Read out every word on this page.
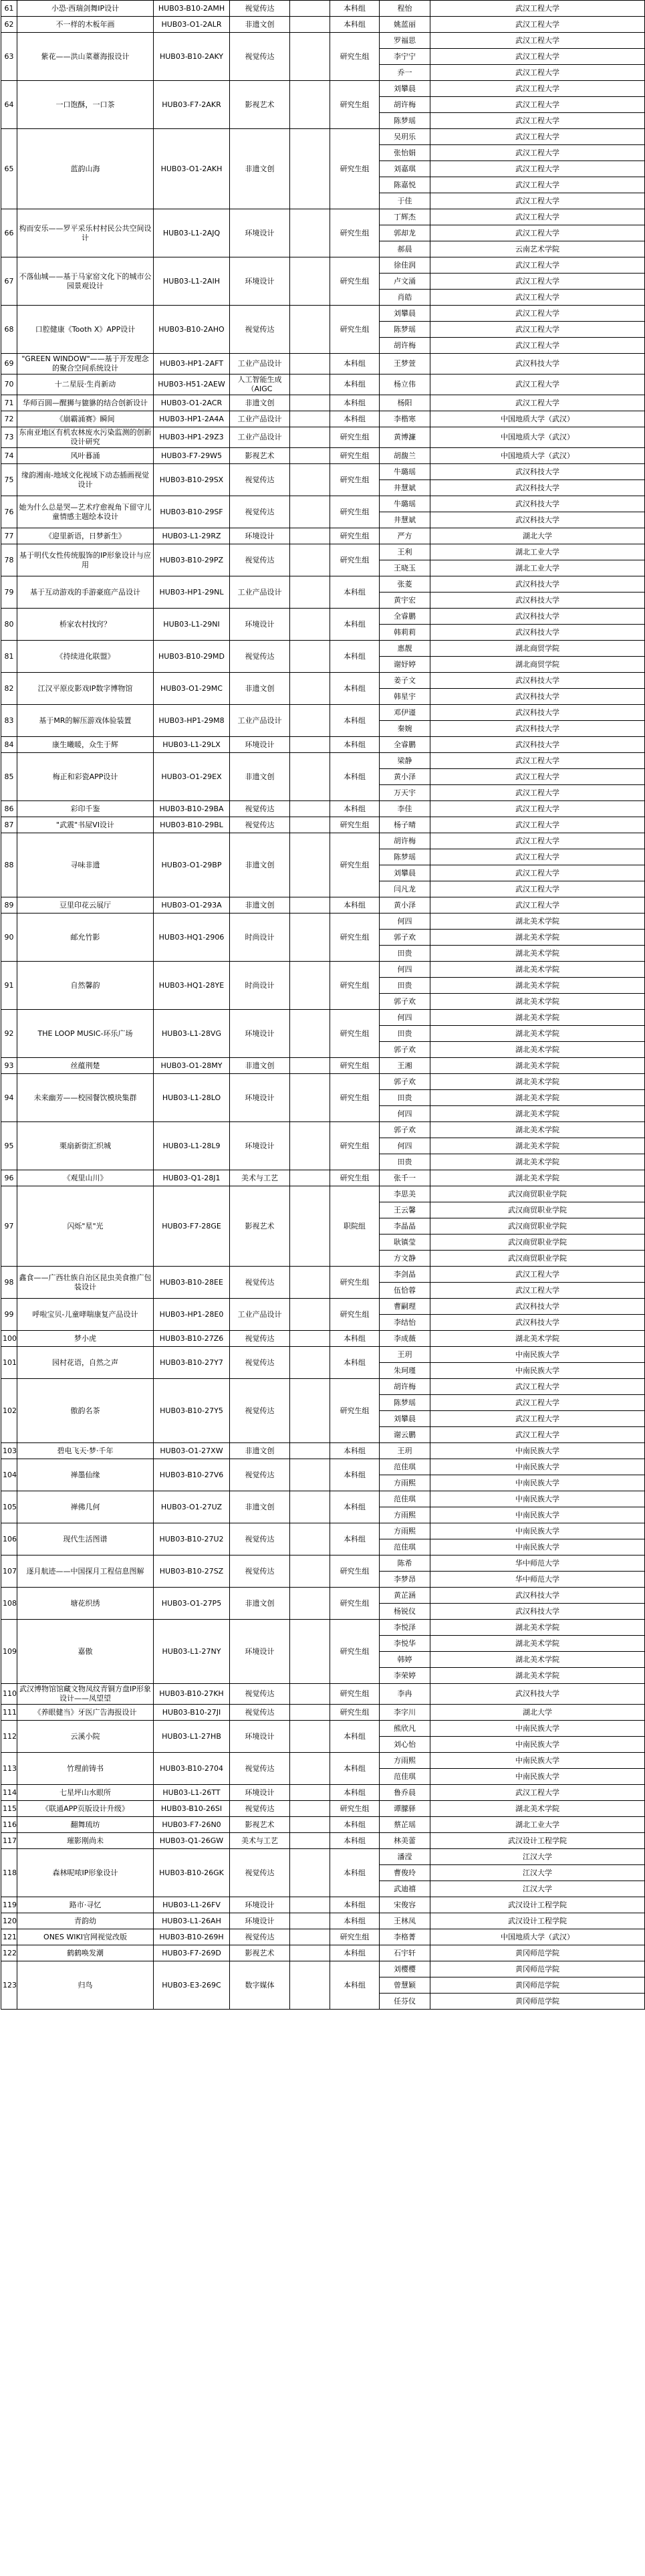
61	小恐·西瑞剑舞IP设计	HUB03-B10-2AMH	视觉传达		本科组	程怡	武汉工程大学
62	不一样的木板年画	HUB03-O1-2ALR	非遗文创		本科组	姚蓝丽	武汉工程大学
63	紫花——洪山菜薹海报设计	HUB03-B10-2AKY	视觉传达		研究生组	罗福思	武汉工程大学
						李宁宁	武汉工程大学
						乔一	武汉工程大学
64	一口饱酥，一口茶	HUB03-F7-2AKR	影视艺术		研究生组	刘攀晨	武汉工程大学
						胡许梅	武汉工程大学
						陈梦瑶	武汉工程大学
65	蓝韵山海	HUB03-O1-2AKH	非遗文创		研究生组	吴玥乐	武汉工程大学
						张怡娟	武汉工程大学
						刘嘉琪	武汉工程大学
						陈嘉悦	武汉工程大学
						于佳	武汉工程大学
66	构而安乐——罗平采乐村村民公共空间设计	HUB03-L1-2AJQ	环境设计		研究生组	丁辉杰	武汉工程大学
						郭却龙	武汉工程大学
						郝晨	云南艺术学院
67	不落仙城——基于马家窑文化下的城市公园景观设计	HUB03-L1-2AIH	环境设计		研究生组	徐佳润	武汉工程大学
						卢文涌	武汉工程大学
						肖皓	武汉工程大学
68	口腔健康《Tooth X》APP设计	HUB03-B10-2AHO	视觉传达		研究生组	刘攀晨	武汉工程大学
						陈梦瑶	武汉工程大学
						胡许梅	武汉工程大学
69	"GREEN WINDOW"——基于开发理念的聚合空间系统设计	HUB03-HP1-2AFT	工业产品设计		本科组	王梦萱	武汉科技大学
70	十二星辰·生肖新动	HUB03-H51-2AEW	人工智能生成（AIGC		本科组	杨立伟	武汉工程大学
71	华师百圆—醒狮与貔貅的结合创新设计	HUB03-O1-2ACR	非遗文创		本科组	杨阳	武汉工程大学
72	《崩霸涌赛》瞬间	HUB03-HP1-2A4A	工业产品设计		本科组	李楷寒	中国地质大学（武汉）
73	东南亚地区有机农林废水污染监测的创新设计研究	HUB03-HP1-29Z3	工业产品设计		研究生组	黄博濂	中国地质大学（武汉）
74	风叶暮涌	HUB03-F7-29W5	影视艺术		研究生组	胡馥兰	中国地质大学（武汉）
75	缘韵湘南-地域文化视域下动态插画视觉设计	HUB03-B10-29SX	视觉传达		研究生组	牛璐瑶	武汉科技大学
						井慧斌	武汉科技大学
76	她为什么总是哭—艺术疗愈视角下留守儿童情感主题绘本设计	HUB03-B10-29SF	视觉传达		研究生组	牛璐瑶	武汉科技大学
						井慧斌	武汉科技大学
77	《迎里新语，日梦新生》	HUB03-L1-29RZ	环境设计		研究生组	严方	湖北大学
78	基于明代女性传统服饰的IP形象设计与应用	HUB03-B10-29PZ	视觉传达		研究生组	王利	湖北工业大学
						王晓玉	湖北工业大学
79	基于互动游戏的手游豪庭产品设计	HUB03-HP1-29NL	工业产品设计		本科组	张菱	武汉科技大学
						黄宇宏	武汉科技大学
80	桥家农村找窍？	HUB03-L1-29NI	环境设计		本科组	全睿鹏	武汉科技大学
						韩莉莉	武汉科技大学
81	《持续进化联盟》	HUB03-B10-29MD	视觉传达		本科组	惠靓	湖北商贸学院
						谢妤婷	湖北商贸学院
82	江汉平原皮影戏IP数字博物馆	HUB03-O1-29MC	非遗文创		本科组	姜子文	武汉科技大学
						韩星宇	武汉科技大学
83	基于MR的解压游戏体验装置	HUB03-HP1-29M8	工业产品设计		本科组	邓伊谨	武汉科技大学
						秦婉	武汉科技大学
84	康生曦暖，众生于辉	HUB03-L1-29LX	环境设计		本科组	全睿鹏	武汉科技大学
85	梅正和彩瓷APP设计	HUB03-O1-29EX	非遗文创		本科组	梁静	武汉工程大学
						黄小泽	武汉工程大学
						万天宇	武汉工程大学
86	彩印千鉴	HUB03-B10-29BA	视觉传达		本科组	李佳	武汉工程大学
87	"武震"书屋VI设计	HUB03-B10-29BL	视觉传达		研究生组	杨子晴	武汉工程大学
88	寻味非遗	HUB03-O1-29BP	非遗文创		研究生组	胡许梅	武汉工程大学
						陈梦瑶	武汉工程大学
						刘攀晨	武汉工程大学
						闫凡龙	武汉工程大学
89	豆里印花云展厅	HUB03-O1-293A	非遗文创		本科组	黄小泽	武汉工程大学
90	邮允竹影	HUB03-HQ1-2906	时尚设计		研究生组	何四	湖北美术学院
						郭子欢	湖北美术学院
						田贵	湖北美术学院
91	自然馨韵	HUB03-HQ1-28YE	时尚设计		研究生组	何四	湖北美术学院
						田贵	湖北美术学院
						郭子欢	湖北美术学院
92	THE LOOP MUSIC-环乐广场	HUB03-L1-28VG	环境设计		研究生组	何四	湖北美术学院
						田贵	湖北美术学院
						郭子欢	湖北美术学院
93	丝蕴荆楚	HUB03-O1-28MY	非遗文创		研究生组	王湘	湖北美术学院
94	未来幽芳——校园餐饮模块集群	HUB03-L1-28LO	环境设计		研究生组	郭子欢	湖北美术学院
						田贵	湖北美术学院
						何四	湖北美术学院
95	栗扇新街汇织城	HUB03-L1-28L9	环境设计		研究生组	郭子欢	湖北美术学院
						何四	湖北美术学院
						田贵	湖北美术学院
96	《观里山川》	HUB03-Q1-28J1	美术与工艺		研究生组	张千一	湖北美术学院
97	闪烁"星"光	HUB03-F7-28GE	影视艺术		职院组	李思美	武汉商贸职业学院
						王云馨	武汉商贸职业学院
						李晶晶	武汉商贸职业学院
						耿镇莹	武汉商贸职业学院
						方文静	武汉商贸职业学院
98	鑫食——广西壮族自治区昆虫美食推广包装设计	HUB03-B10-28EE	视觉传达		研究生组	李剑晶	武汉工程大学
						伍恰蓉	武汉工程大学
99	呼啦宝贝-儿童哮喘康复产品设计	HUB03-HP1-28E0	工业产品设计		研究生组	曹嗣理	武汉科技大学
						李结怡	武汉科技大学
100	梦小虎	HUB03-B10-27Z6	视觉传达		本科组	李成薇	湖北美术学院
101	园村花语，自然之声	HUB03-B10-27Y7	视觉传达		本科组	王玥	中南民族大学
						朱珂瑾	中南民族大学
102	傲韵名茶	HUB03-B10-27Y5	视觉传达		研究生组	胡许梅	武汉工程大学
						陈梦瑶	武汉工程大学
						刘攀晨	武汉工程大学
						谢云鹏	武汉工程大学
103	碧电飞天·梦·千年	HUB03-O1-27XW	非遗文创		本科组	王玥	中南民族大学
104	禅墨仙缘	HUB03-B10-27V6	视觉传达		本科组	范佳琪	中南民族大学
						方雨熙	中南民族大学
105	禅佛几何	HUB03-O1-27UZ	非遗文创		本科组	范佳琪	中南民族大学
						方雨熙	中南民族大学
106	现代生活图谱	HUB03-B10-27U2	视觉传达		本科组	方雨熙	中南民族大学
						范佳琪	中南民族大学
107	逐月航迹——中国探月工程信息图解	HUB03-B10-27SZ	视觉传达		研究生组	陈希	华中师范大学
						李梦昂	华中师范大学
108	塘花织绣	HUB03-O1-27P5	非遗文创		研究生组	黄芷涵	武汉科技大学
						杨锐仪	武汉科技大学
109	嘉傲	HUB03-L1-27NY	环境设计		研究生组	李悦泽	湖北美术学院
						李悦华	湖北美术学院
						韩婷	湖北美术学院
						李荣婷	湖北美术学院
110	武汉博物馆馆藏文物凤纹青铜方盘IP形象设计——凤望望	HUB03-B10-27KH	视觉传达		研究生组	李冉	武汉科技大学
111	《养眼健当》牙医广告海报设计	HUB03-B10-27JI	视觉传达		研究生组	李字川	湖北大学
112	云溪小院	HUB03-L1-27HB	环境设计		本科组	熊欣凡	中南民族大学
						刘心怡	中南民族大学
113	竹理前铸书	HUB03-B10-2704	视觉传达		本科组	方雨熙	中南民族大学
						范佳琪	中南民族大学
114	七星坪山水眼所	HUB03-L1-26TT	环境设计		本科组	鲁乔晨	武汉工程大学
115	《联通APP页版设计升级》	HUB03-B10-26SI	视觉传达		研究生组	谭朦驿	湖北美术学院
116	翻舞琉坊	HUB03-F7-26N0	影视艺术		本科组	蔡芷瑶	湖北工业大学
117	璀影刚尚未	HUB03-Q1-26GW	美术与工艺		本科组	林美蕾	武汉设计工程学院
118	森林呢哝IP形象设计	HUB03-B10-26GK	视觉传达		本科组	潘滢	江汉大学
						曹俊玲	江汉大学
						武迪禧	江汉大学
119	路市·寻忆	HUB03-L1-26FV	环境设计		本科组	宋俊容	武汉设计工程学院
120	青韵幼	HUB03-L1-26AH	环境设计		本科组	王林凤	武汉设计工程学院
121	ONES WIKI官网视觉改版	HUB03-B10-269H	视觉传达		研究生组	李格菁	中国地质大学（武汉）
122	鹤鹤唤发潮	HUB03-F7-269D	影视艺术		本科组	石宇轩	黄冈师范学院
123	归鸟	HUB03-E3-269C	数字媒体		本科组	刘樱樱	黄冈师范学院
						曾慧颖	黄冈师范学院
						任芬仪	黄冈师范学院
